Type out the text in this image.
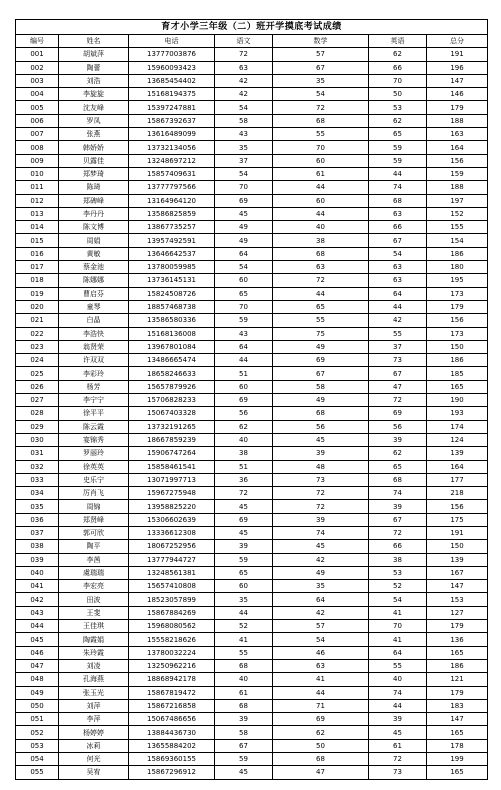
育才小学三年级（二）班开学摸底考试成绩						
编号	姓名	电话	语文	数学	英语	总分
001	胡斌萍	13777003876	72	57	62	191
002	陶蕾	15960093423	63	67	66	196
003	刘浩	13685454402	42	35	70	147
004	李旋旋	15168194375	42	54	50	146
005	沈友峰	15397247881	54	72	53	179
006	罗凤	15867392637	58	68	62	188
007	张燕	13616489099	43	55	65	163
008	韩娇娇	13732134056	35	70	59	164
009	贝露佳	13248697212	37	60	59	156
010	郑梦琦	15857409631	54	61	44	159
011	陈琦	13777797566	70	44	74	188
012	郑碑峰	13164964120	69	60	68	197
013	李丹丹	13586825859	45	44	63	152
014	陈文博	13867735257	49	40	66	155
015	周娟	13957492591	49	38	67	154
016	黄敏	13646642537	64	68	54	186
017	蔡金池	13780059985	54	63	63	180
018	陈娜娜	13736145131	60	72	63	195
019	曹启芬	15824508726	65	44	64	173
020	童琴	18857468738	70	65	44	179
021	白晶	13586580336	59	55	42	156
022	李浩快	15168136008	43	75	55	173
023	翁贤荣	13967801084	64	49	37	150
024	许双双	13486665474	44	69	73	186
025	李彩玲	18658246633	51	67	67	185
026	杨芳	15657879926	60	58	47	165
027	李宁宁	15706828233	69	49	72	190
028	徐平平	15067403328	56	68	69	193
029	陈云霞	13732191265	62	56	56	174
030	宴锦秀	18667859239	40	45	39	124
031	罗丽玲	15906747264	38	39	62	139
032	徐英英	15858461541	51	48	65	164
033	史乐宁	13071997713	36	73	68	177
034	厉肖飞	15967275948	72	72	74	218
035	周锦	13958825220	45	72	39	156
036	郑贤峰	15306602639	69	39	67	175
037	郭可欣	13336612308	45	74	72	191
038	陶平	18067252956	39	45	66	150
039	李茜	13777944727	59	42	38	139
040	虞瑞瑞	13248561381	65	49	53	167
041	李宏亮	15657410808	60	35	52	147
042	田波	18523057899	35	64	54	153
043	王斐	15867884269	44	42	41	127
044	王佳琪	15968080562	52	57	70	179
045	陶霞娟	15558218626	41	54	41	136
046	朱玲霞	13780032224	55	46	64	165
047	刘凌	13250962216	68	63	55	186
048	孔海燕	18868942178	40	41	40	121
049	张玉光	15867819472	61	44	74	179
050	刘萍	15867216858	68	71	44	183
051	李萍	15067486656	39	69	39	147
052	杨婷婷	13884436730	58	62	45	165
053	冰莉	13655884202	67	50	61	178
054	何光	15869360155	59	68	72	199
055	吴宥	15867296912	45	47	73	165
